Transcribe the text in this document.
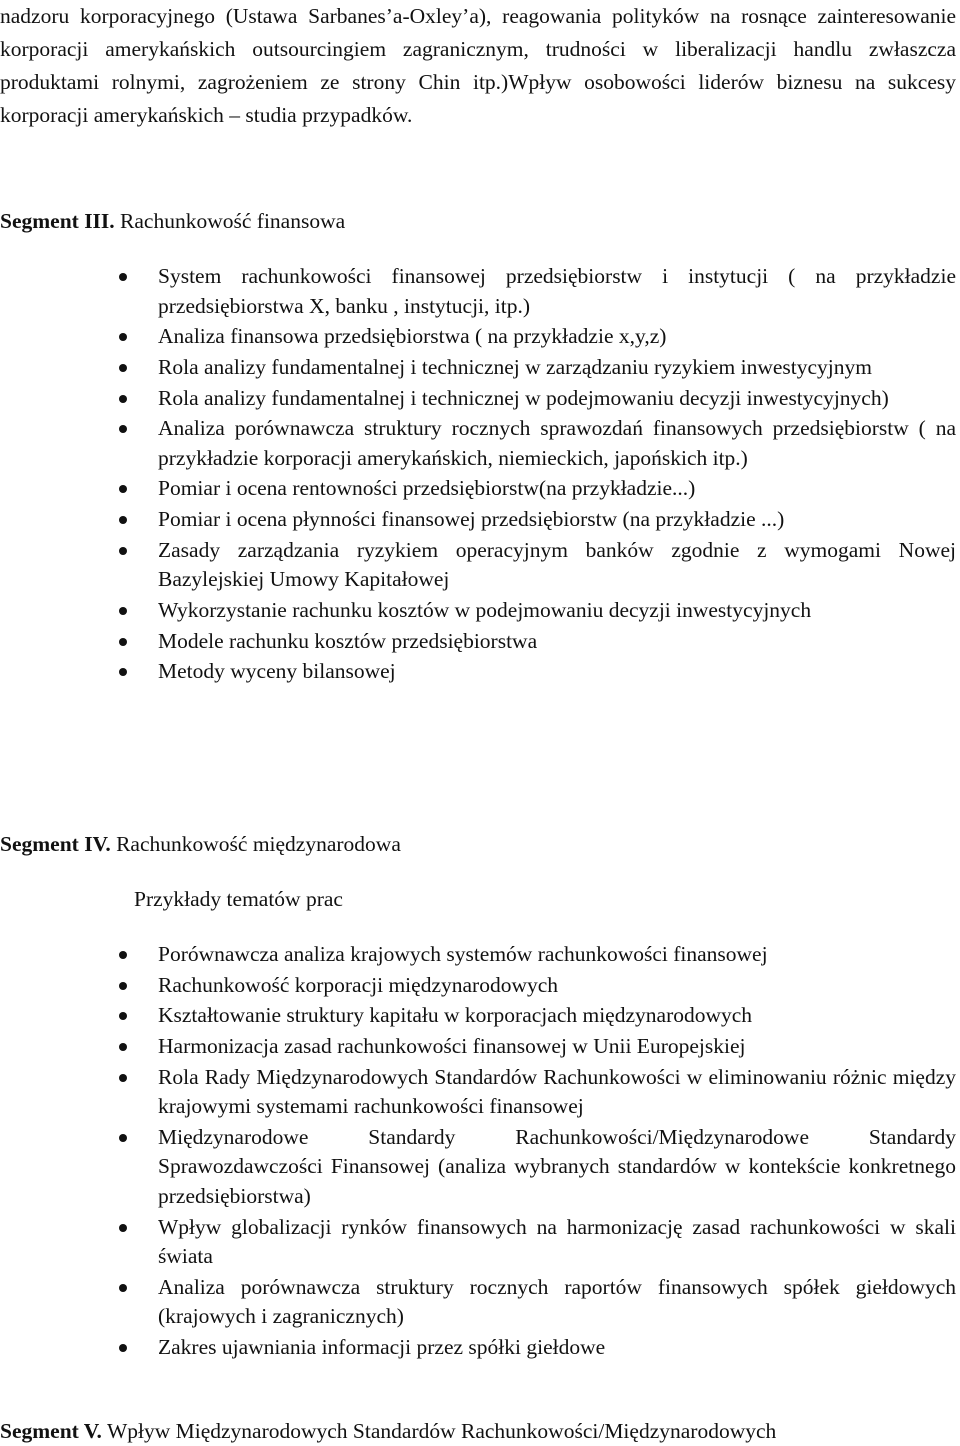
nadzoru korporacyjnego (Ustawa Sarbanes’a-Oxley’a), reagowania polityków na rosnące zainteresowanie korporacji amerykańskich outsourcingiem zagranicznym, trudności w liberalizacji handlu zwłaszcza produktami rolnymi, zagrożeniem ze strony Chin itp.)Wpływ osobowości liderów biznesu na sukcesy korporacji amerykańskich – studia przypadków.

Segment III. Rachunkowość finansowa
System rachunkowości finansowej przedsiębiorstw i instytucji ( na przykładzie przedsiębiorstwa X, banku , instytucji, itp.)
Analiza finansowa przedsiębiorstwa ( na przykładzie x,y,z)
Rola analizy fundamentalnej i technicznej w zarządzaniu ryzykiem inwestycyjnym
Rola analizy fundamentalnej i technicznej w podejmowaniu decyzji inwestycyjnych)
Analiza porównawcza struktury rocznych sprawozdań finansowych przedsiębiorstw ( na przykładzie korporacji amerykańskich, niemieckich, japońskich itp.)
Pomiar i ocena rentowności przedsiębiorstw(na przykładzie...)
Pomiar i ocena płynności finansowej przedsiębiorstw (na przykładzie ...)
Zasady zarządzania ryzykiem operacyjnym banków zgodnie z wymogami Nowej Bazylejskiej Umowy Kapitałowej
Wykorzystanie rachunku kosztów w podejmowaniu decyzji inwestycyjnych
Modele rachunku kosztów przedsiębiorstwa
Metody wyceny bilansowej
Segment IV. Rachunkowość międzynarodowa

Przykłady tematów prac

Porównawcza analiza krajowych systemów rachunkowości finansowej
Rachunkowość korporacji międzynarodowych
Kształtowanie struktury kapitału w korporacjach międzynarodowych
Harmonizacja zasad rachunkowości finansowej w Unii Europejskiej
Rola Rady Międzynarodowych Standardów Rachunkowości w eliminowaniu różnic między krajowymi systemami rachunkowości finansowej
Międzynarodowe Standardy Rachunkowości/Międzynarodowe Standardy Sprawozdawczości Finansowej (analiza wybranych standardów w kontekście konkretnego przedsiębiorstwa)
Wpływ globalizacji rynków finansowych na harmonizację zasad rachunkowości w skali świata
Analiza porównawcza struktury rocznych raportów finansowych spółek giełdowych (krajowych i zagranicznych)
Zakres ujawniania informacji przez spółki giełdowe
Segment V. Wpływ Międzynarodowych Standardów Rachunkowości/Międzynarodowych
